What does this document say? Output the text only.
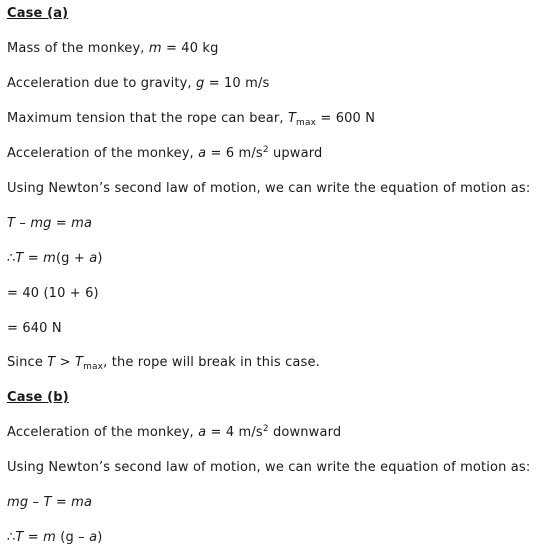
Case (a)
Mass of the monkey, m = 40 kg
Acceleration due to gravity, g = 10 m/s
Maximum tension that the rope can bear, $T_{max} = 600$ N
Acceleration of the monkey, a = 6 $m/s^2$ upward
Using Newton’s second law of motion, we can write the equation of motion as:
T – mg = ma
∴T = m(g + a)
= 40 (10 + 6)
= 640 N
Since $T > T_{max}$, the rope will break in this case.
Case (b)
Acceleration of the monkey, a = 4 $m/s^2$ downward
Using Newton’s second law of motion, we can write the equation of motion as:
mg – T = ma
∴T = m (g – a)
